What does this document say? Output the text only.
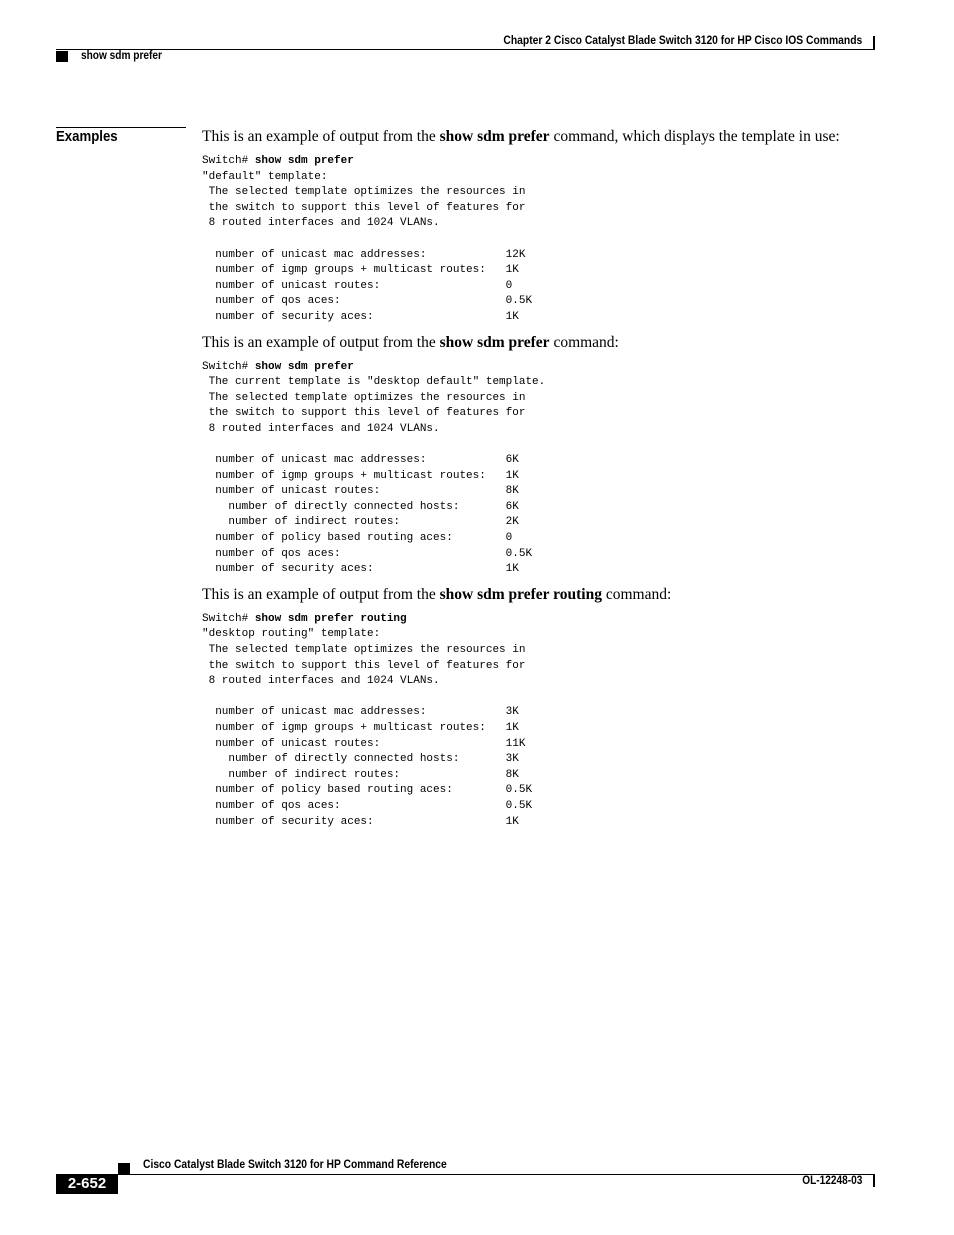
Chapter 2 Cisco Catalyst Blade Switch 3120 for HP Cisco IOS Commands
show sdm prefer
Examples	This is an example of output from the show sdm prefer command, which displays the template in use:

Switch# show sdm prefer
"default" template:
The selected template optimizes the resources in
the switch to support this level of features for
8 routed interfaces and 1024 VLANs.

number of unicast mac addresses:            12K
number of igmp groups + multicast routes:   1K
number of unicast routes:                   0
number of qos aces:                         0.5K
number of security aces:                    1K

This is an example of output from the show sdm prefer command:

Switch# show sdm prefer
The current template is "desktop default" template.
The selected template optimizes the resources in
the switch to support this level of features for
8 routed interfaces and 1024 VLANs.

number of unicast mac addresses:            6K
number of igmp groups + multicast routes:   1K
number of unicast routes:                   8K
number of directly connected hosts:       6K
number of indirect routes:                2K
number of policy based routing aces:        0
number of qos aces:                         0.5K
number of security aces:                    1K

This is an example of output from the show sdm prefer routing command:

Switch# show sdm prefer routing
"desktop routing" template:
The selected template optimizes the resources in
the switch to support this level of features for
8 routed interfaces and 1024 VLANs.

number of unicast mac addresses:            3K
number of igmp groups + multicast routes:   1K
number of unicast routes:                   11K
number of directly connected hosts:       3K
number of indirect routes:                8K
number of policy based routing aces:        0.5K
number of qos aces:                         0.5K
number of security aces:                    1K
Cisco Catalyst Blade Switch 3120 for HP Command Reference
2-652	OL-12248-03
